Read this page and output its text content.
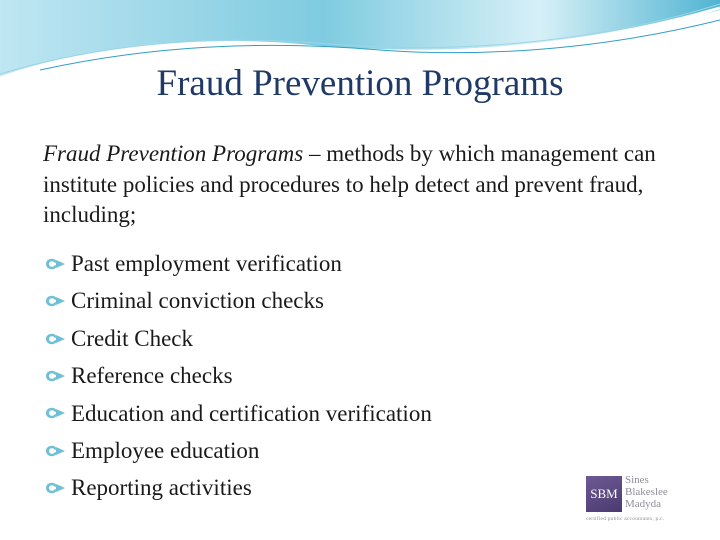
Fraud Prevention Programs
Fraud Prevention Programs – methods by which management can institute policies and procedures to help detect and prevent fraud, including;
Past employment verification
Criminal conviction checks
Credit Check
Reference checks
Education and certification verification
Employee education
Reporting activities	SBM
Sines
Blakeslee
Madyda
certified public accountants, p.c.
